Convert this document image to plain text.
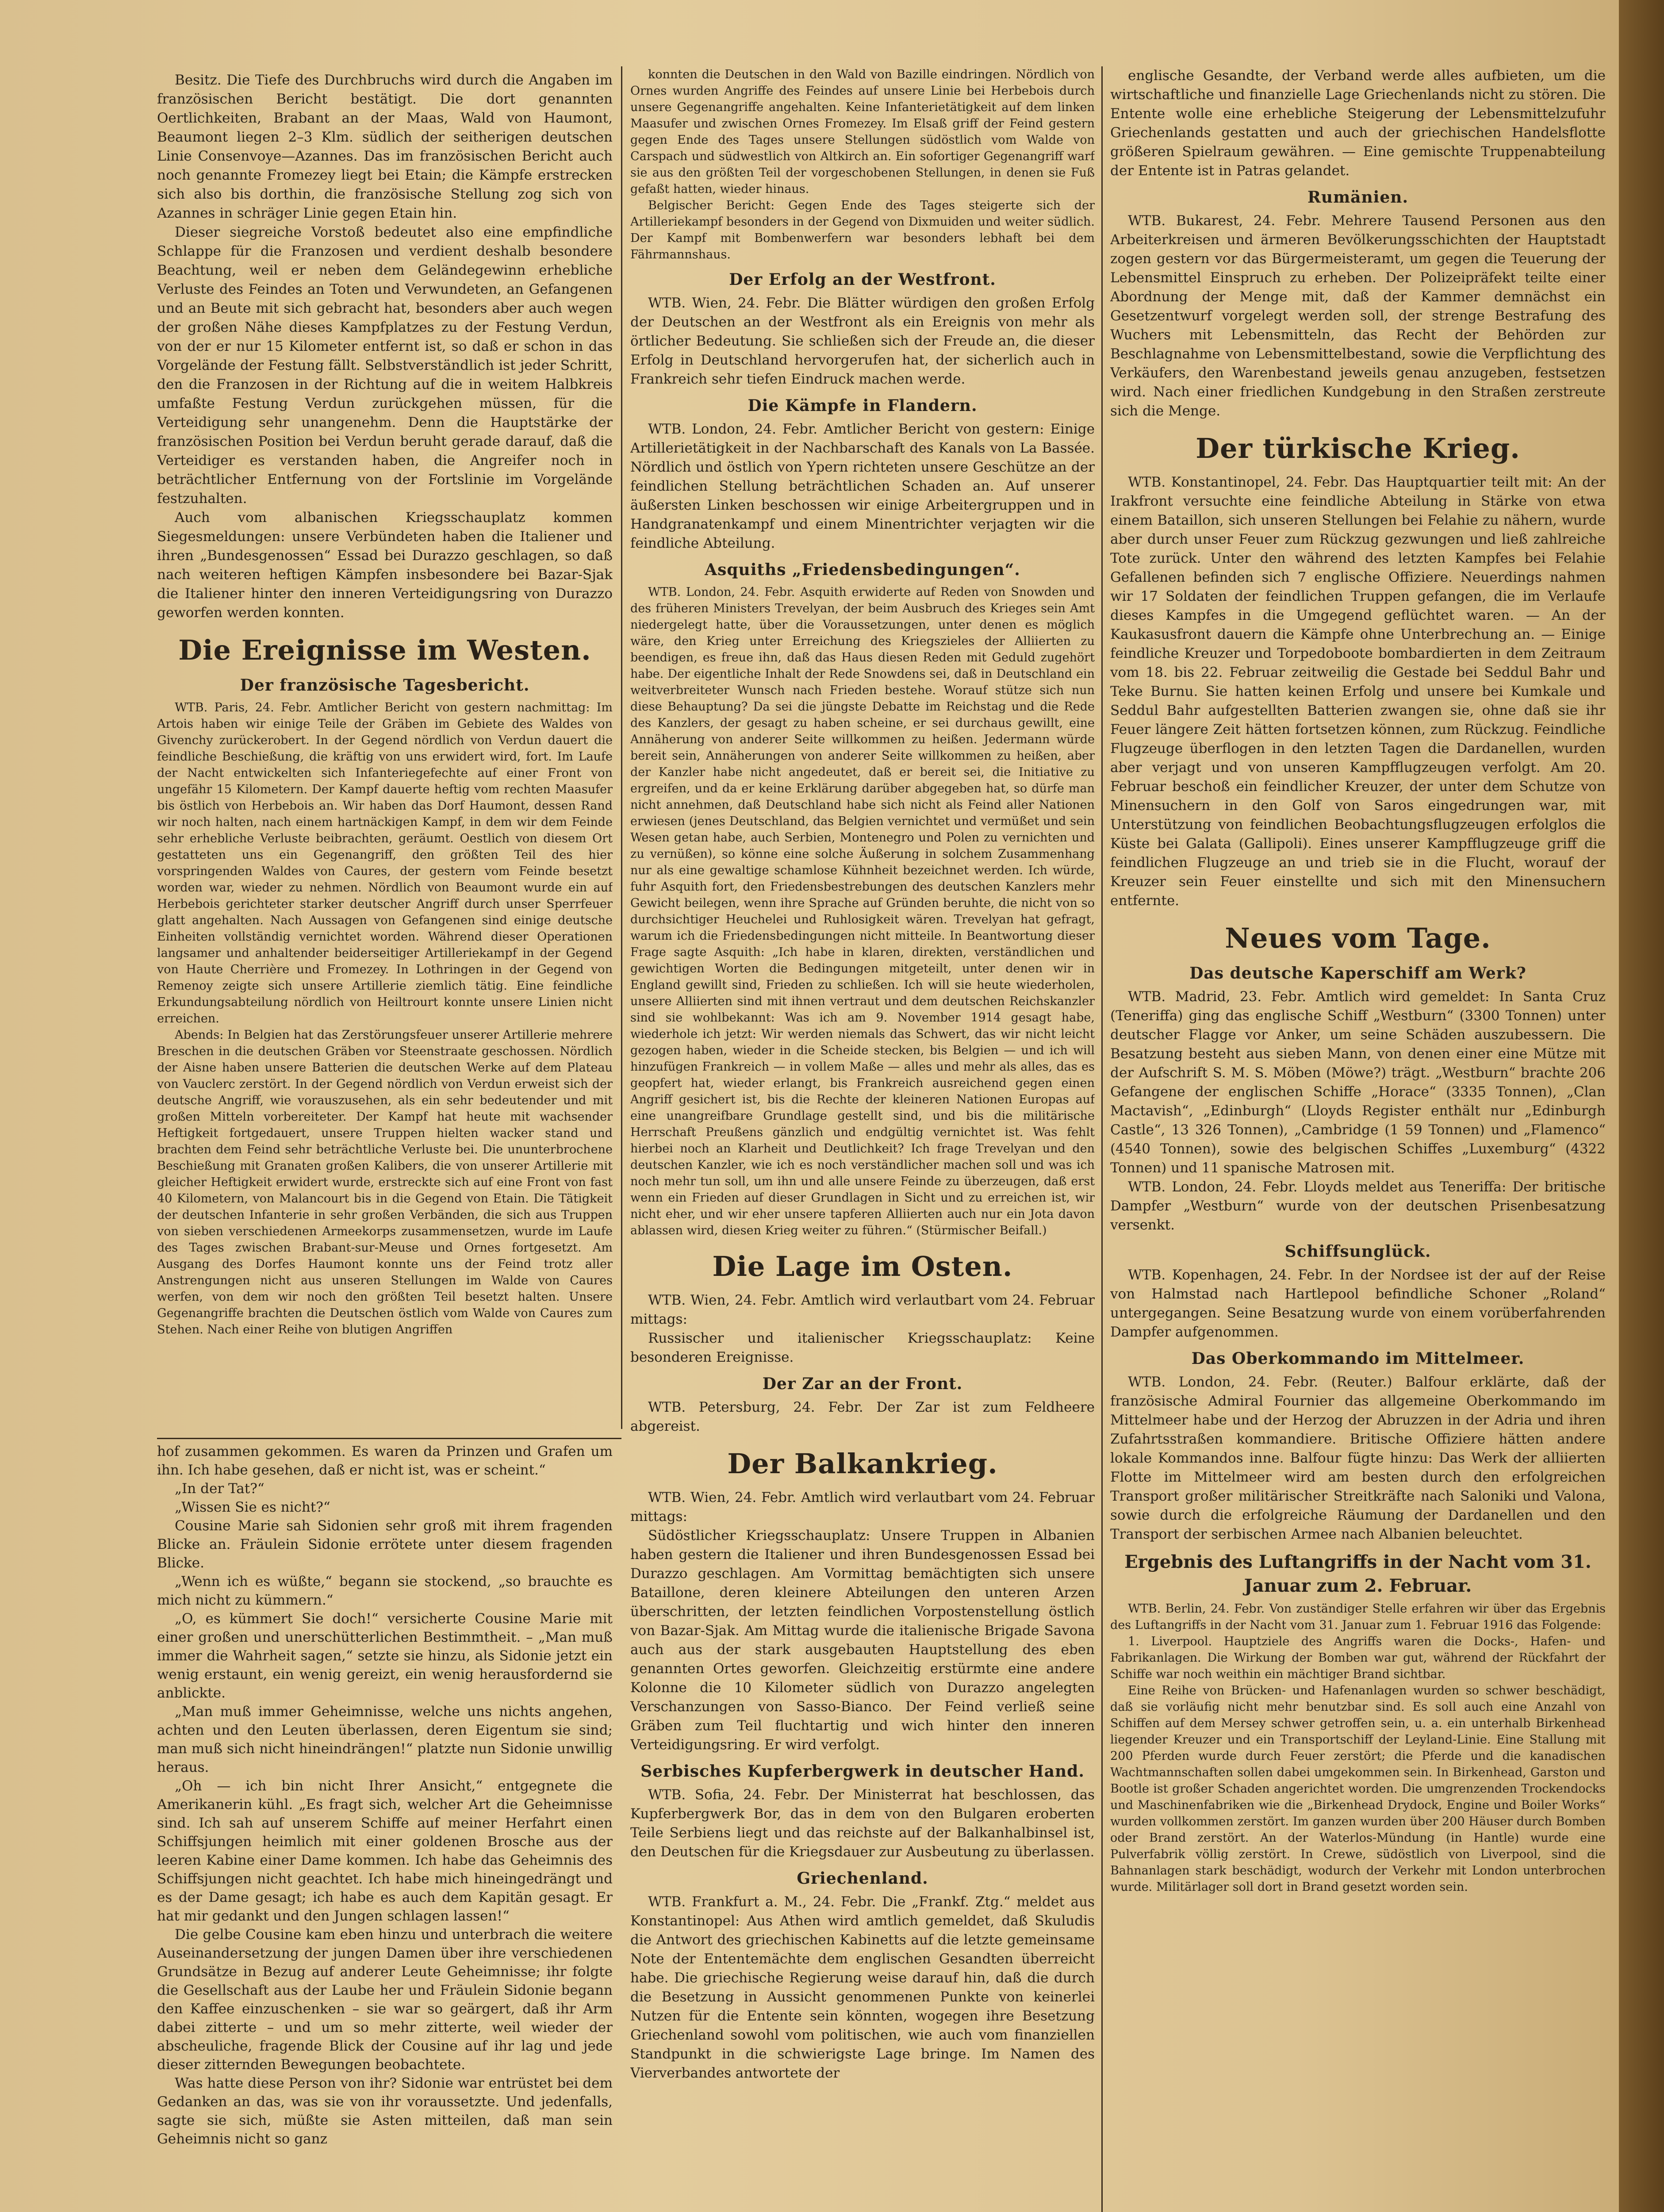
Besitz. Die Tiefe des Durchbruchs wird durch die Angaben im französischen Bericht bestätigt. Die dort genannten Oertlichkeiten, Brabant an der Maas, Wald von Haumont, Beaumont liegen 2–3 Klm. südlich der seitherigen deutschen Linie Consenvoye—Azannes. Das im französischen Bericht auch noch genannte Fromezey liegt bei Etain; die Kämpfe erstrecken sich also bis dorthin, die französische Stellung zog sich von Azannes in schräger Linie gegen Etain hin.

Dieser siegreiche Vorstoß bedeutet also eine empfindliche Schlappe für die Franzosen und verdient deshalb besondere Beachtung, weil er neben dem Geländegewinn erhebliche Verluste des Feindes an Toten und Verwundeten, an Gefangenen und an Beute mit sich gebracht hat, besonders aber auch wegen der großen Nähe dieses Kampfplatzes zu der Festung Verdun, von der er nur 15 Kilometer entfernt ist, so daß er schon in das Vorgelände der Festung fällt. Selbstverständlich ist jeder Schritt, den die Franzosen in der Richtung auf die in weitem Halbkreis umfaßte Festung Verdun zurückgehen müssen, für die Verteidigung sehr unangenehm. Denn die Hauptstärke der französischen Position bei Verdun beruht gerade darauf, daß die Verteidiger es verstanden haben, die Angreifer noch in beträchtlicher Entfernung von der Fortslinie im Vorgelände festzuhalten.

Auch vom albanischen Kriegsschauplatz kommen Siegesmeldungen: unsere Verbündeten haben die Italiener und ihren „Bundesgenossen“ Essad bei Durazzo geschlagen, so daß nach weiteren heftigen Kämpfen insbesondere bei Bazar-Sjak die Italiener hinter den inneren Verteidigungsring von Durazzo geworfen werden konnten.

Die Ereignisse im Westen.
Der französische Tagesbericht.

WTB. Paris, 24. Febr. Amtlicher Bericht von gestern nachmittag: Im Artois haben wir einige Teile der Gräben im Gebiete des Waldes von Givenchy zurückerobert. In der Gegend nördlich von Verdun dauert die feindliche Beschießung, die kräftig von uns erwidert wird, fort. Im Laufe der Nacht entwickelten sich Infanteriegefechte auf einer Front von ungefähr 15 Kilometern. Der Kampf dauerte heftig vom rechten Maasufer bis östlich von Herbebois an. Wir haben das Dorf Haumont, dessen Rand wir noch halten, nach einem hartnäckigen Kampf, in dem wir dem Feinde sehr erhebliche Verluste beibrachten, geräumt. Oestlich von diesem Ort gestatteten uns ein Gegenangriff, den größten Teil des hier vorspringenden Waldes von Caures, der gestern vom Feinde besetzt worden war, wieder zu nehmen. Nördlich von Beaumont wurde ein auf Herbebois gerichteter starker deutscher Angriff durch unser Sperrfeuer glatt angehalten. Nach Aussagen von Gefangenen sind einige deutsche Einheiten vollständig vernichtet worden. Während dieser Operationen langsamer und anhaltender beiderseitiger Artilleriekampf in der Gegend von Haute Cherrière und Fromezey. In Lothringen in der Gegend von Remenoy zeigte sich unsere Artillerie ziemlich tätig. Eine feindliche Erkundungsabteilung nördlich von Heiltrourt konnte unsere Linien nicht erreichen.

Abends: In Belgien hat das Zerstörungsfeuer unserer Artillerie mehrere Breschen in die deutschen Gräben vor Steenstraate geschossen. Nördlich der Aisne haben unsere Batterien die deutschen Werke auf dem Plateau von Vauclerc zerstört. In der Gegend nördlich von Verdun erweist sich der deutsche Angriff, wie vorauszusehen, als ein sehr bedeutender und mit großen Mitteln vorbereiteter. Der Kampf hat heute mit wachsender Heftigkeit fortgedauert, unsere Truppen hielten wacker stand und brachten dem Feind sehr beträchtliche Verluste bei. Die ununterbrochene Beschießung mit Granaten großen Kalibers, die von unserer Artillerie mit gleicher Heftigkeit erwidert wurde, erstreckte sich auf eine Front von fast 40 Kilometern, von Malancourt bis in die Gegend von Etain. Die Tätigkeit der deutschen Infanterie in sehr großen Verbänden, die sich aus Truppen von sieben verschiedenen Armeekorps zusammensetzen, wurde im Laufe des Tages zwischen Brabant-sur-Meuse und Ornes fortgesetzt. Am Ausgang des Dorfes Haumont konnte uns der Feind trotz aller Anstrengungen nicht aus unseren Stellungen im Walde von Caures werfen, von dem wir noch den größten Teil besetzt halten. Unsere Gegenangriffe brachten die Deutschen östlich vom Walde von Caures zum Stehen. Nach einer Reihe von blutigen Angriffen

hof zusammen gekommen. Es waren da Prinzen und Grafen um ihn. Ich habe gesehen, daß er nicht ist, was er scheint.“

„In der Tat?“

„Wissen Sie es nicht?“

Cousine Marie sah Sidonien sehr groß mit ihrem fragenden Blicke an. Fräulein Sidonie errötete unter diesem fragenden Blicke.

„Wenn ich es wüßte,“ begann sie stockend, „so brauchte es mich nicht zu kümmern.“

„O, es kümmert Sie doch!“ versicherte Cousine Marie mit einer großen und unerschütterlichen Bestimmtheit. – „Man muß immer die Wahrheit sagen,“ setzte sie hinzu, als Sidonie jetzt ein wenig erstaunt, ein wenig gereizt, ein wenig herausfordernd sie anblickte.

„Man muß immer Geheimnisse, welche uns nichts angehen, achten und den Leuten überlassen, deren Eigentum sie sind; man muß sich nicht hineindrängen!“ platzte nun Sidonie unwillig heraus.

„Oh — ich bin nicht Ihrer Ansicht,“ entgegnete die Amerikanerin kühl. „Es fragt sich, welcher Art die Geheimnisse sind. Ich sah auf unserem Schiffe auf meiner Herfahrt einen Schiffsjungen heimlich mit einer goldenen Brosche aus der leeren Kabine einer Dame kommen. Ich habe das Geheimnis des Schiffsjungen nicht geachtet. Ich habe mich hineingedrängt und es der Dame gesagt; ich habe es auch dem Kapitän gesagt. Er hat mir gedankt und den Jungen schlagen lassen!“

Die gelbe Cousine kam eben hinzu und unterbrach die weitere Auseinandersetzung der jungen Damen über ihre verschiedenen Grundsätze in Bezug auf anderer Leute Geheimnisse; ihr folgte die Gesellschaft aus der Laube her und Fräulein Sidonie begann den Kaffee einzuschenken – sie war so geärgert, daß ihr Arm dabei zitterte – und um so mehr zitterte, weil wieder der abscheuliche, fragende Blick der Cousine auf ihr lag und jede dieser zitternden Bewegungen beobachtete.

Was hatte diese Person von ihr? Sidonie war entrüstet bei dem Gedanken an das, was sie von ihr voraussetzte. Und jedenfalls, sagte sie sich, müßte sie Asten mitteilen, daß man sein Geheimnis nicht so ganz

konnten die Deutschen in den Wald von Bazille eindringen. Nördlich von Ornes wurden Angriffe des Feindes auf unsere Linie bei Herbebois durch unsere Gegenangriffe angehalten. Keine Infanterietätigkeit auf dem linken Maasufer und zwischen Ornes Fromezey. Im Elsaß griff der Feind gestern gegen Ende des Tages unsere Stellungen südöstlich vom Walde von Carspach und südwestlich von Altkirch an. Ein sofortiger Gegenangriff warf sie aus den größten Teil der vorgeschobenen Stellungen, in denen sie Fuß gefaßt hatten, wieder hinaus.

Belgischer Bericht: Gegen Ende des Tages steigerte sich der Artilleriekampf besonders in der Gegend von Dixmuiden und weiter südlich. Der Kampf mit Bombenwerfern war besonders lebhaft bei dem Fährmannshaus.

Der Erfolg an der Westfront.

WTB. Wien, 24. Febr. Die Blätter würdigen den großen Erfolg der Deutschen an der Westfront als ein Ereignis von mehr als örtlicher Bedeutung. Sie schließen sich der Freude an, die dieser Erfolg in Deutschland hervorgerufen hat, der sicherlich auch in Frankreich sehr tiefen Eindruck machen werde.

Die Kämpfe in Flandern.

WTB. London, 24. Febr. Amtlicher Bericht von gestern: Einige Artillerietätigkeit in der Nachbarschaft des Kanals von La Bassée. Nördlich und östlich von Ypern richteten unsere Geschütze an der feindlichen Stellung beträchtlichen Schaden an. Auf unserer äußersten Linken beschossen wir einige Arbeitergruppen und in Handgranatenkampf und einem Minentrichter verjagten wir die feindliche Abteilung.

Asquiths „Friedensbedingungen“.

WTB. London, 24. Febr. Asquith erwiderte auf Reden von Snowden und des früheren Ministers Trevelyan, der beim Ausbruch des Krieges sein Amt niedergelegt hatte, über die Voraussetzungen, unter denen es möglich wäre, den Krieg unter Erreichung des Kriegszieles der Alliierten zu beendigen, es freue ihn, daß das Haus diesen Reden mit Geduld zugehört habe. Der eigentliche Inhalt der Rede Snowdens sei, daß in Deutschland ein weitverbreiteter Wunsch nach Frieden bestehe. Worauf stütze sich nun diese Behauptung? Da sei die jüngste Debatte im Reichstag und die Rede des Kanzlers, der gesagt zu haben scheine, er sei durchaus gewillt, eine Annäherung von anderer Seite willkommen zu heißen. Jedermann würde bereit sein, Annäherungen von anderer Seite willkommen zu heißen, aber der Kanzler habe nicht angedeutet, daß er bereit sei, die Initiative zu ergreifen, und da er keine Erklärung darüber abgegeben hat, so dürfe man nicht annehmen, daß Deutschland habe sich nicht als Feind aller Nationen erwiesen (jenes Deutschland, das Belgien vernichtet und vermüßet und sein Wesen getan habe, auch Serbien, Montenegro und Polen zu vernichten und zu vernüßen), so könne eine solche Äußerung in solchem Zusammenhang nur als eine gewaltige schamlose Kühnheit bezeichnet werden. Ich würde, fuhr Asquith fort, den Friedensbestrebungen des deutschen Kanzlers mehr Gewicht beilegen, wenn ihre Sprache auf Gründen beruhte, die nicht von so durchsichtiger Heuchelei und Ruhlosigkeit wären. Trevelyan hat gefragt, warum ich die Friedensbedingungen nicht mitteile. In Beantwortung dieser Frage sagte Asquith: „Ich habe in klaren, direkten, verständlichen und gewichtigen Worten die Bedingungen mitgeteilt, unter denen wir in England gewillt sind, Frieden zu schließen. Ich will sie heute wiederholen, unsere Alliierten sind mit ihnen vertraut und dem deutschen Reichskanzler sind sie wohlbekannt: Was ich am 9. November 1914 gesagt habe, wiederhole ich jetzt: Wir werden niemals das Schwert, das wir nicht leicht gezogen haben, wieder in die Scheide stecken, bis Belgien — und ich will hinzufügen Frankreich — in vollem Maße — alles und mehr als alles, das es geopfert hat, wieder erlangt, bis Frankreich ausreichend gegen einen Angriff gesichert ist, bis die Rechte der kleineren Nationen Europas auf eine unangreifbare Grundlage gestellt sind, und bis die militärische Herrschaft Preußens gänzlich und endgültig vernichtet ist. Was fehlt hierbei noch an Klarheit und Deutlichkeit? Ich frage Trevelyan und den deutschen Kanzler, wie ich es noch verständlicher machen soll und was ich noch mehr tun soll, um ihn und alle unsere Feinde zu überzeugen, daß erst wenn ein Frieden auf dieser Grundlagen in Sicht und zu erreichen ist, wir nicht eher, und wir eher unsere tapferen Alliierten auch nur ein Jota davon ablassen wird, diesen Krieg weiter zu führen.“ (Stürmischer Beifall.)

Die Lage im Osten.

WTB. Wien, 24. Febr. Amtlich wird verlautbart vom 24. Februar mittags:

Russischer und italienischer Kriegsschauplatz: Keine besonderen Ereignisse.

Der Zar an der Front.

WTB. Petersburg, 24. Febr. Der Zar ist zum Feldheere abgereist.

Der Balkankrieg.

WTB. Wien, 24. Febr. Amtlich wird verlautbart vom 24. Februar mittags:

Südöstlicher Kriegsschauplatz: Unsere Truppen in Albanien haben gestern die Italiener und ihren Bundesgenossen Essad bei Durazzo geschlagen. Am Vormittag bemächtigten sich unsere Bataillone, deren kleinere Abteilungen den unteren Arzen überschritten, der letzten feindlichen Vorpostenstellung östlich von Bazar-Sjak. Am Mittag wurde die italienische Brigade Savona auch aus der stark ausgebauten Hauptstellung des eben genannten Ortes geworfen. Gleichzeitig erstürmte eine andere Kolonne die 10 Kilometer südlich von Durazzo angelegten Verschanzungen von Sasso-Bianco. Der Feind verließ seine Gräben zum Teil fluchtartig und wich hinter den inneren Verteidigungsring. Er wird verfolgt.

Serbisches Kupferbergwerk in deutscher Hand.

WTB. Sofia, 24. Febr. Der Ministerrat hat beschlossen, das Kupferbergwerk Bor, das in dem von den Bulgaren eroberten Teile Serbiens liegt und das reichste auf der Balkanhalbinsel ist, den Deutschen für die Kriegsdauer zur Ausbeutung zu überlassen.

Griechenland.

WTB. Frankfurt a. M., 24. Febr. Die „Frankf. Ztg.“ meldet aus Konstantinopel: Aus Athen wird amtlich gemeldet, daß Skuludis die Antwort des griechischen Kabinetts auf die letzte gemeinsame Note der Ententemächte dem englischen Gesandten überreicht habe. Die griechische Regierung weise darauf hin, daß die durch die Besetzung in Aussicht genommenen Punkte von keinerlei Nutzen für die Entente sein könnten, wogegen ihre Besetzung Griechenland sowohl vom politischen, wie auch vom finanziellen Standpunkt in die schwierigste Lage bringe. Im Namen des Vierverbandes antwortete der

englische Gesandte, der Verband werde alles aufbieten, um die wirtschaftliche und finanzielle Lage Griechenlands nicht zu stören. Die Entente wolle eine erhebliche Steigerung der Lebensmittelzufuhr Griechenlands gestatten und auch der griechischen Handelsflotte größeren Spielraum gewähren. — Eine gemischte Truppenabteilung der Entente ist in Patras gelandet.

Rumänien.

WTB. Bukarest, 24. Febr. Mehrere Tausend Personen aus den Arbeiterkreisen und ärmeren Bevölkerungsschichten der Hauptstadt zogen gestern vor das Bürgermeisteramt, um gegen die Teuerung der Lebensmittel Einspruch zu erheben. Der Polizeipräfekt teilte einer Abordnung der Menge mit, daß der Kammer demnächst ein Gesetzentwurf vorgelegt werden soll, der strenge Bestrafung des Wuchers mit Lebensmitteln, das Recht der Behörden zur Beschlagnahme von Lebensmittelbestand, sowie die Verpflichtung des Verkäufers, den Warenbestand jeweils genau anzugeben, festsetzen wird. Nach einer friedlichen Kundgebung in den Straßen zerstreute sich die Menge.

Der türkische Krieg.

WTB. Konstantinopel, 24. Febr. Das Hauptquartier teilt mit: An der Irakfront versuchte eine feindliche Abteilung in Stärke von etwa einem Bataillon, sich unseren Stellungen bei Felahie zu nähern, wurde aber durch unser Feuer zum Rückzug gezwungen und ließ zahlreiche Tote zurück. Unter den während des letzten Kampfes bei Felahie Gefallenen befinden sich 7 englische Offiziere. Neuerdings nahmen wir 17 Soldaten der feindlichen Truppen gefangen, die im Verlaufe dieses Kampfes in die Umgegend geflüchtet waren. — An der Kaukasusfront dauern die Kämpfe ohne Unterbrechung an. — Einige feindliche Kreuzer und Torpedoboote bombardierten in dem Zeitraum vom 18. bis 22. Februar zeitweilig die Gestade bei Seddul Bahr und Teke Burnu. Sie hatten keinen Erfolg und unsere bei Kumkale und Seddul Bahr aufgestellten Batterien zwangen sie, ohne daß sie ihr Feuer längere Zeit hätten fortsetzen können, zum Rückzug. Feindliche Flugzeuge überflogen in den letzten Tagen die Dardanellen, wurden aber verjagt und von unseren Kampfflugzeugen verfolgt. Am 20. Februar beschoß ein feindlicher Kreuzer, der unter dem Schutze von Minensuchern in den Golf von Saros eingedrungen war, mit Unterstützung von feindlichen Beobachtungsflugzeugen erfolglos die Küste bei Galata (Gallipoli). Eines unserer Kampfflugzeuge griff die feindlichen Flugzeuge an und trieb sie in die Flucht, worauf der Kreuzer sein Feuer einstellte und sich mit den Minensuchern entfernte.

Neues vom Tage.
Das deutsche Kaperschiff am Werk?

WTB. Madrid, 23. Febr. Amtlich wird gemeldet: In Santa Cruz (Teneriffa) ging das englische Schiff „Westburn“ (3300 Tonnen) unter deutscher Flagge vor Anker, um seine Schäden auszubessern. Die Besatzung besteht aus sieben Mann, von denen einer eine Mütze mit der Aufschrift S. M. S. Möben (Möwe?) trägt. „Westburn“ brachte 206 Gefangene der englischen Schiffe „Horace“ (3335 Tonnen), „Clan Mactavish“, „Edinburgh“ (Lloyds Register enthält nur „Edinburgh Castle“, 13 326 Tonnen), „Cambridge (1 59 Tonnen) und „Flamenco“ (4540 Tonnen), sowie des belgischen Schiffes „Luxemburg“ (4322 Tonnen) und 11 spanische Matrosen mit.

WTB. London, 24. Febr. Lloyds meldet aus Teneriffa: Der britische Dampfer „Westburn“ wurde von der deutschen Prisenbesatzung versenkt.

Schiffsunglück.

WTB. Kopenhagen, 24. Febr. In der Nordsee ist der auf der Reise von Halmstad nach Hartlepool befindliche Schoner „Roland“ untergegangen. Seine Besatzung wurde von einem vorüberfahrenden Dampfer aufgenommen.

Das Oberkommando im Mittelmeer.

WTB. London, 24. Febr. (Reuter.) Balfour erklärte, daß der französische Admiral Fournier das allgemeine Oberkommando im Mittelmeer habe und der Herzog der Abruzzen in der Adria und ihren Zufahrtsstraßen kommandiere. Britische Offiziere hätten andere lokale Kommandos inne. Balfour fügte hinzu: Das Werk der alliierten Flotte im Mittelmeer wird am besten durch den erfolgreichen Transport großer militärischer Streitkräfte nach Saloniki und Valona, sowie durch die erfolgreiche Räumung der Dardanellen und den Transport der serbischen Armee nach Albanien beleuchtet.

Ergebnis des Luftangriffs in der Nacht vom 31. Januar zum 2. Februar.

WTB. Berlin, 24. Febr. Von zuständiger Stelle erfahren wir über das Ergebnis des Luftangriffs in der Nacht vom 31. Januar zum 1. Februar 1916 das Folgende:

1. Liverpool. Hauptziele des Angriffs waren die Docks-, Hafen- und Fabrikanlagen. Die Wirkung der Bomben war gut, während der Rückfahrt der Schiffe war noch weithin ein mächtiger Brand sichtbar.

Eine Reihe von Brücken- und Hafenanlagen wurden so schwer beschädigt, daß sie vorläufig nicht mehr benutzbar sind. Es soll auch eine Anzahl von Schiffen auf dem Mersey schwer getroffen sein, u. a. ein unterhalb Birkenhead liegender Kreuzer und ein Transportschiff der Leyland-Linie. Eine Stallung mit 200 Pferden wurde durch Feuer zerstört; die Pferde und die kanadischen Wachtmannschaften sollen dabei umgekommen sein. In Birkenhead, Garston und Bootle ist großer Schaden angerichtet worden. Die umgrenzenden Trockendocks und Maschinenfabriken wie die „Birkenhead Drydock, Engine und Boiler Works“ wurden vollkommen zerstört. Im ganzen wurden über 200 Häuser durch Bomben oder Brand zerstört. An der Waterlos-Mündung (in Hantle) wurde eine Pulverfabrik völlig zerstört. In Crewe, südöstlich von Liverpool, sind die Bahnanlagen stark beschädigt, wodurch der Verkehr mit London unterbrochen wurde. Militärlager soll dort in Brand gesetzt worden sein.
